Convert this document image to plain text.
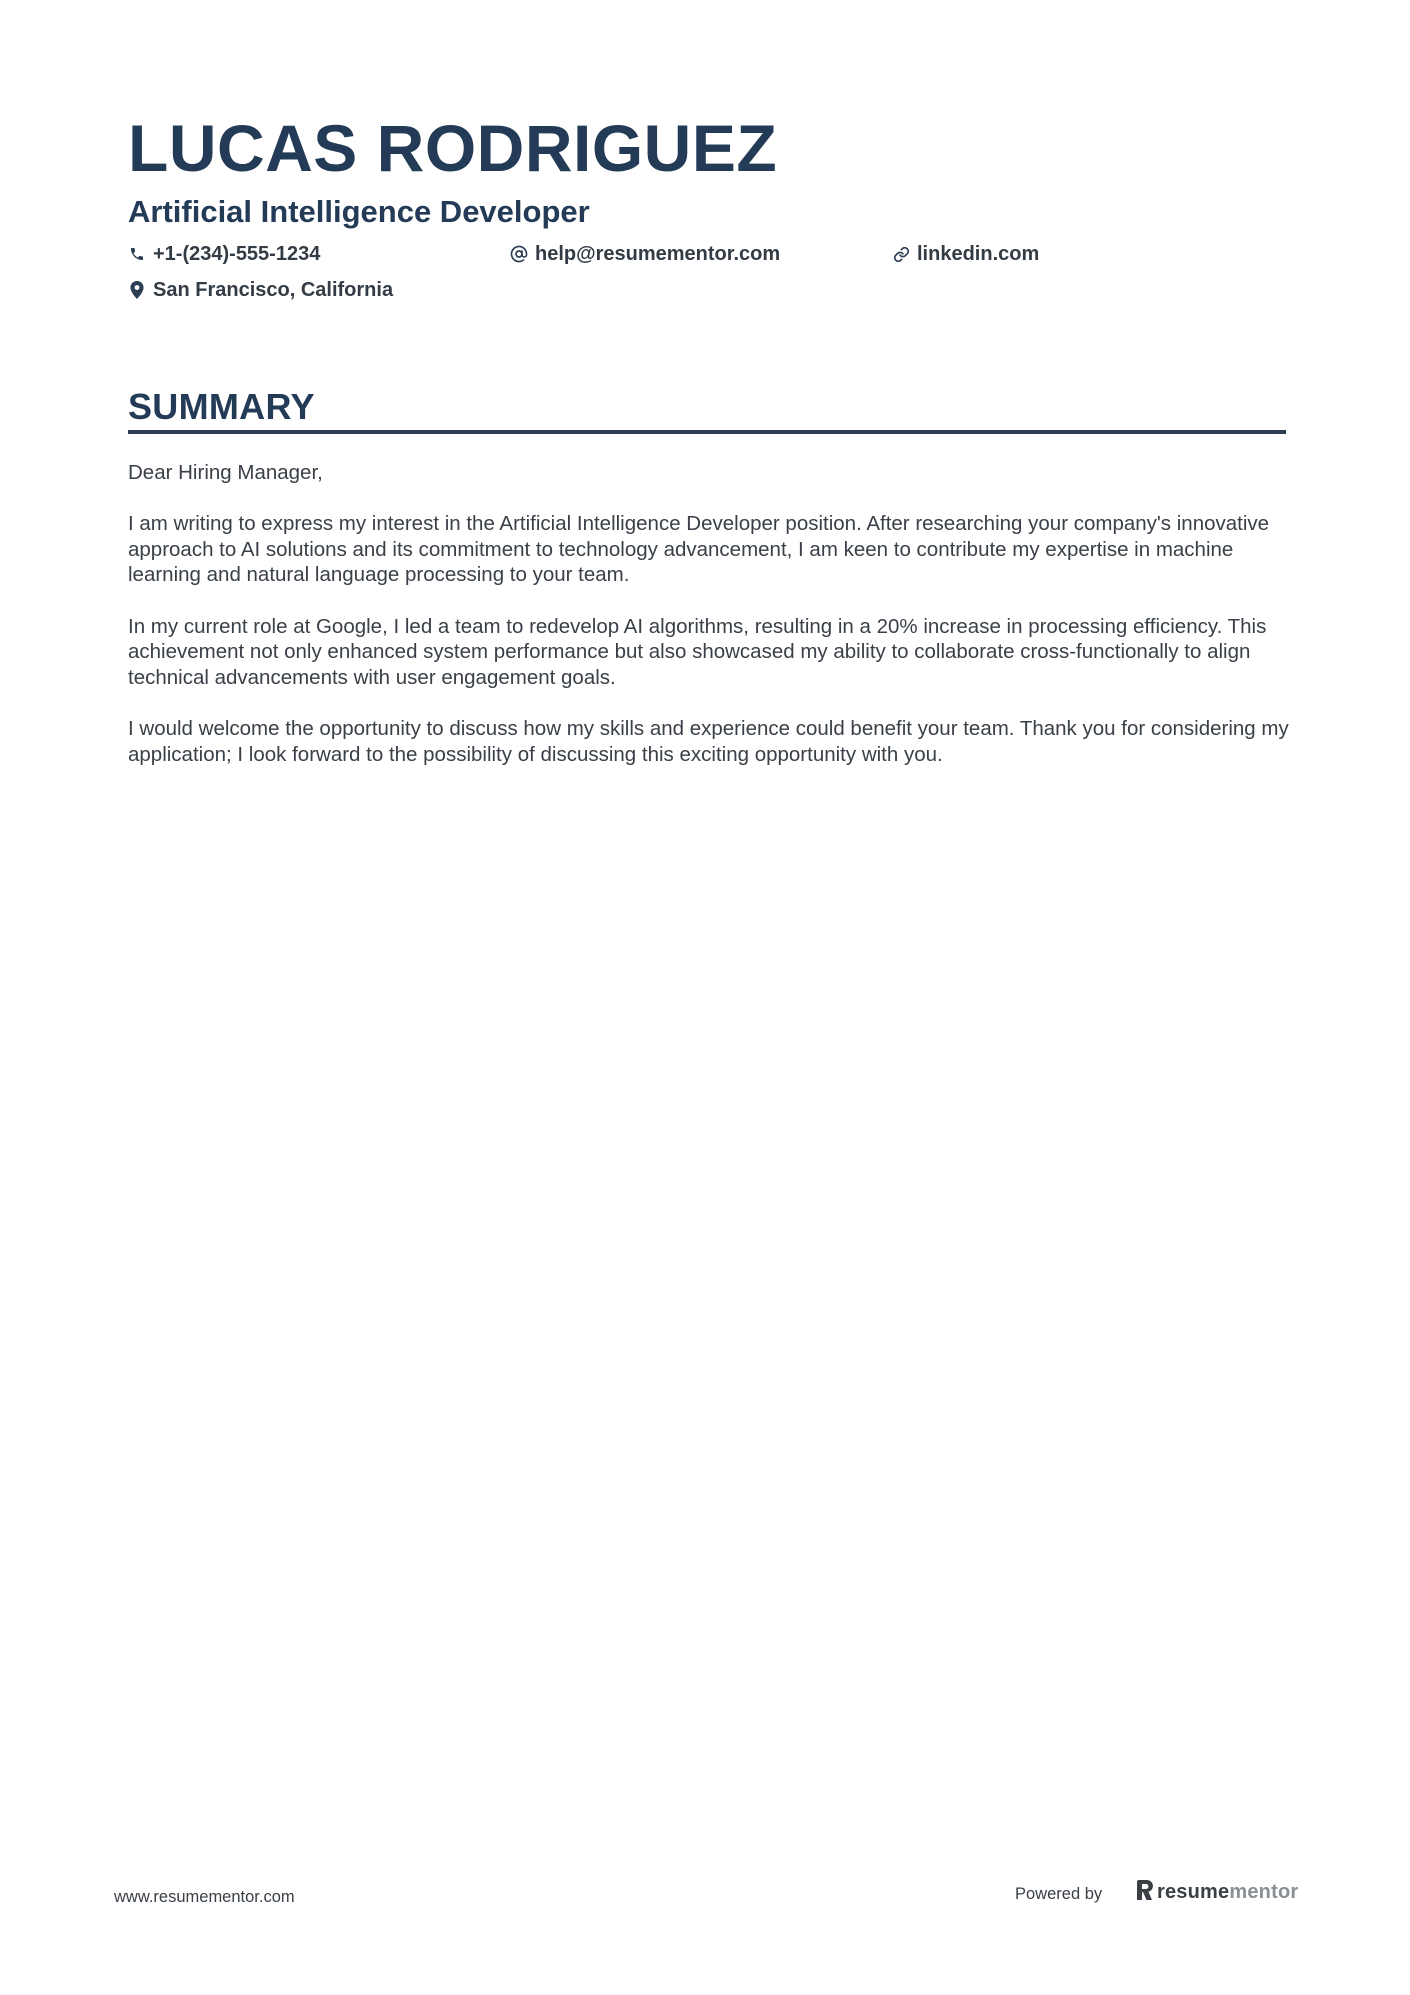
LUCAS RODRIGUEZ
Artificial Intelligence Developer
+1-(234)-555-1234	help@resumementor.com	linkedin.com
San Francisco, California
SUMMARY

Dear Hiring Manager,

I am writing to express my interest in the Artificial Intelligence Developer position. After researching your company's innovative approach to AI solutions and its commitment to technology advancement, I am keen to contribute my expertise in machine learning and natural language processing to your team.

In my current role at Google, I led a team to redevelop AI algorithms, resulting in a 20% increase in processing efficiency. This achievement not only enhanced system performance but also showcased my ability to collaborate cross-functionally to align technical advancements with user engagement goals.

I would welcome the opportunity to discuss how my skills and experience could benefit your team. Thank you for considering my application; I look forward to the possibility of discussing this exciting opportunity with you.

www.resumementor.com	Powered by	resume mentor
